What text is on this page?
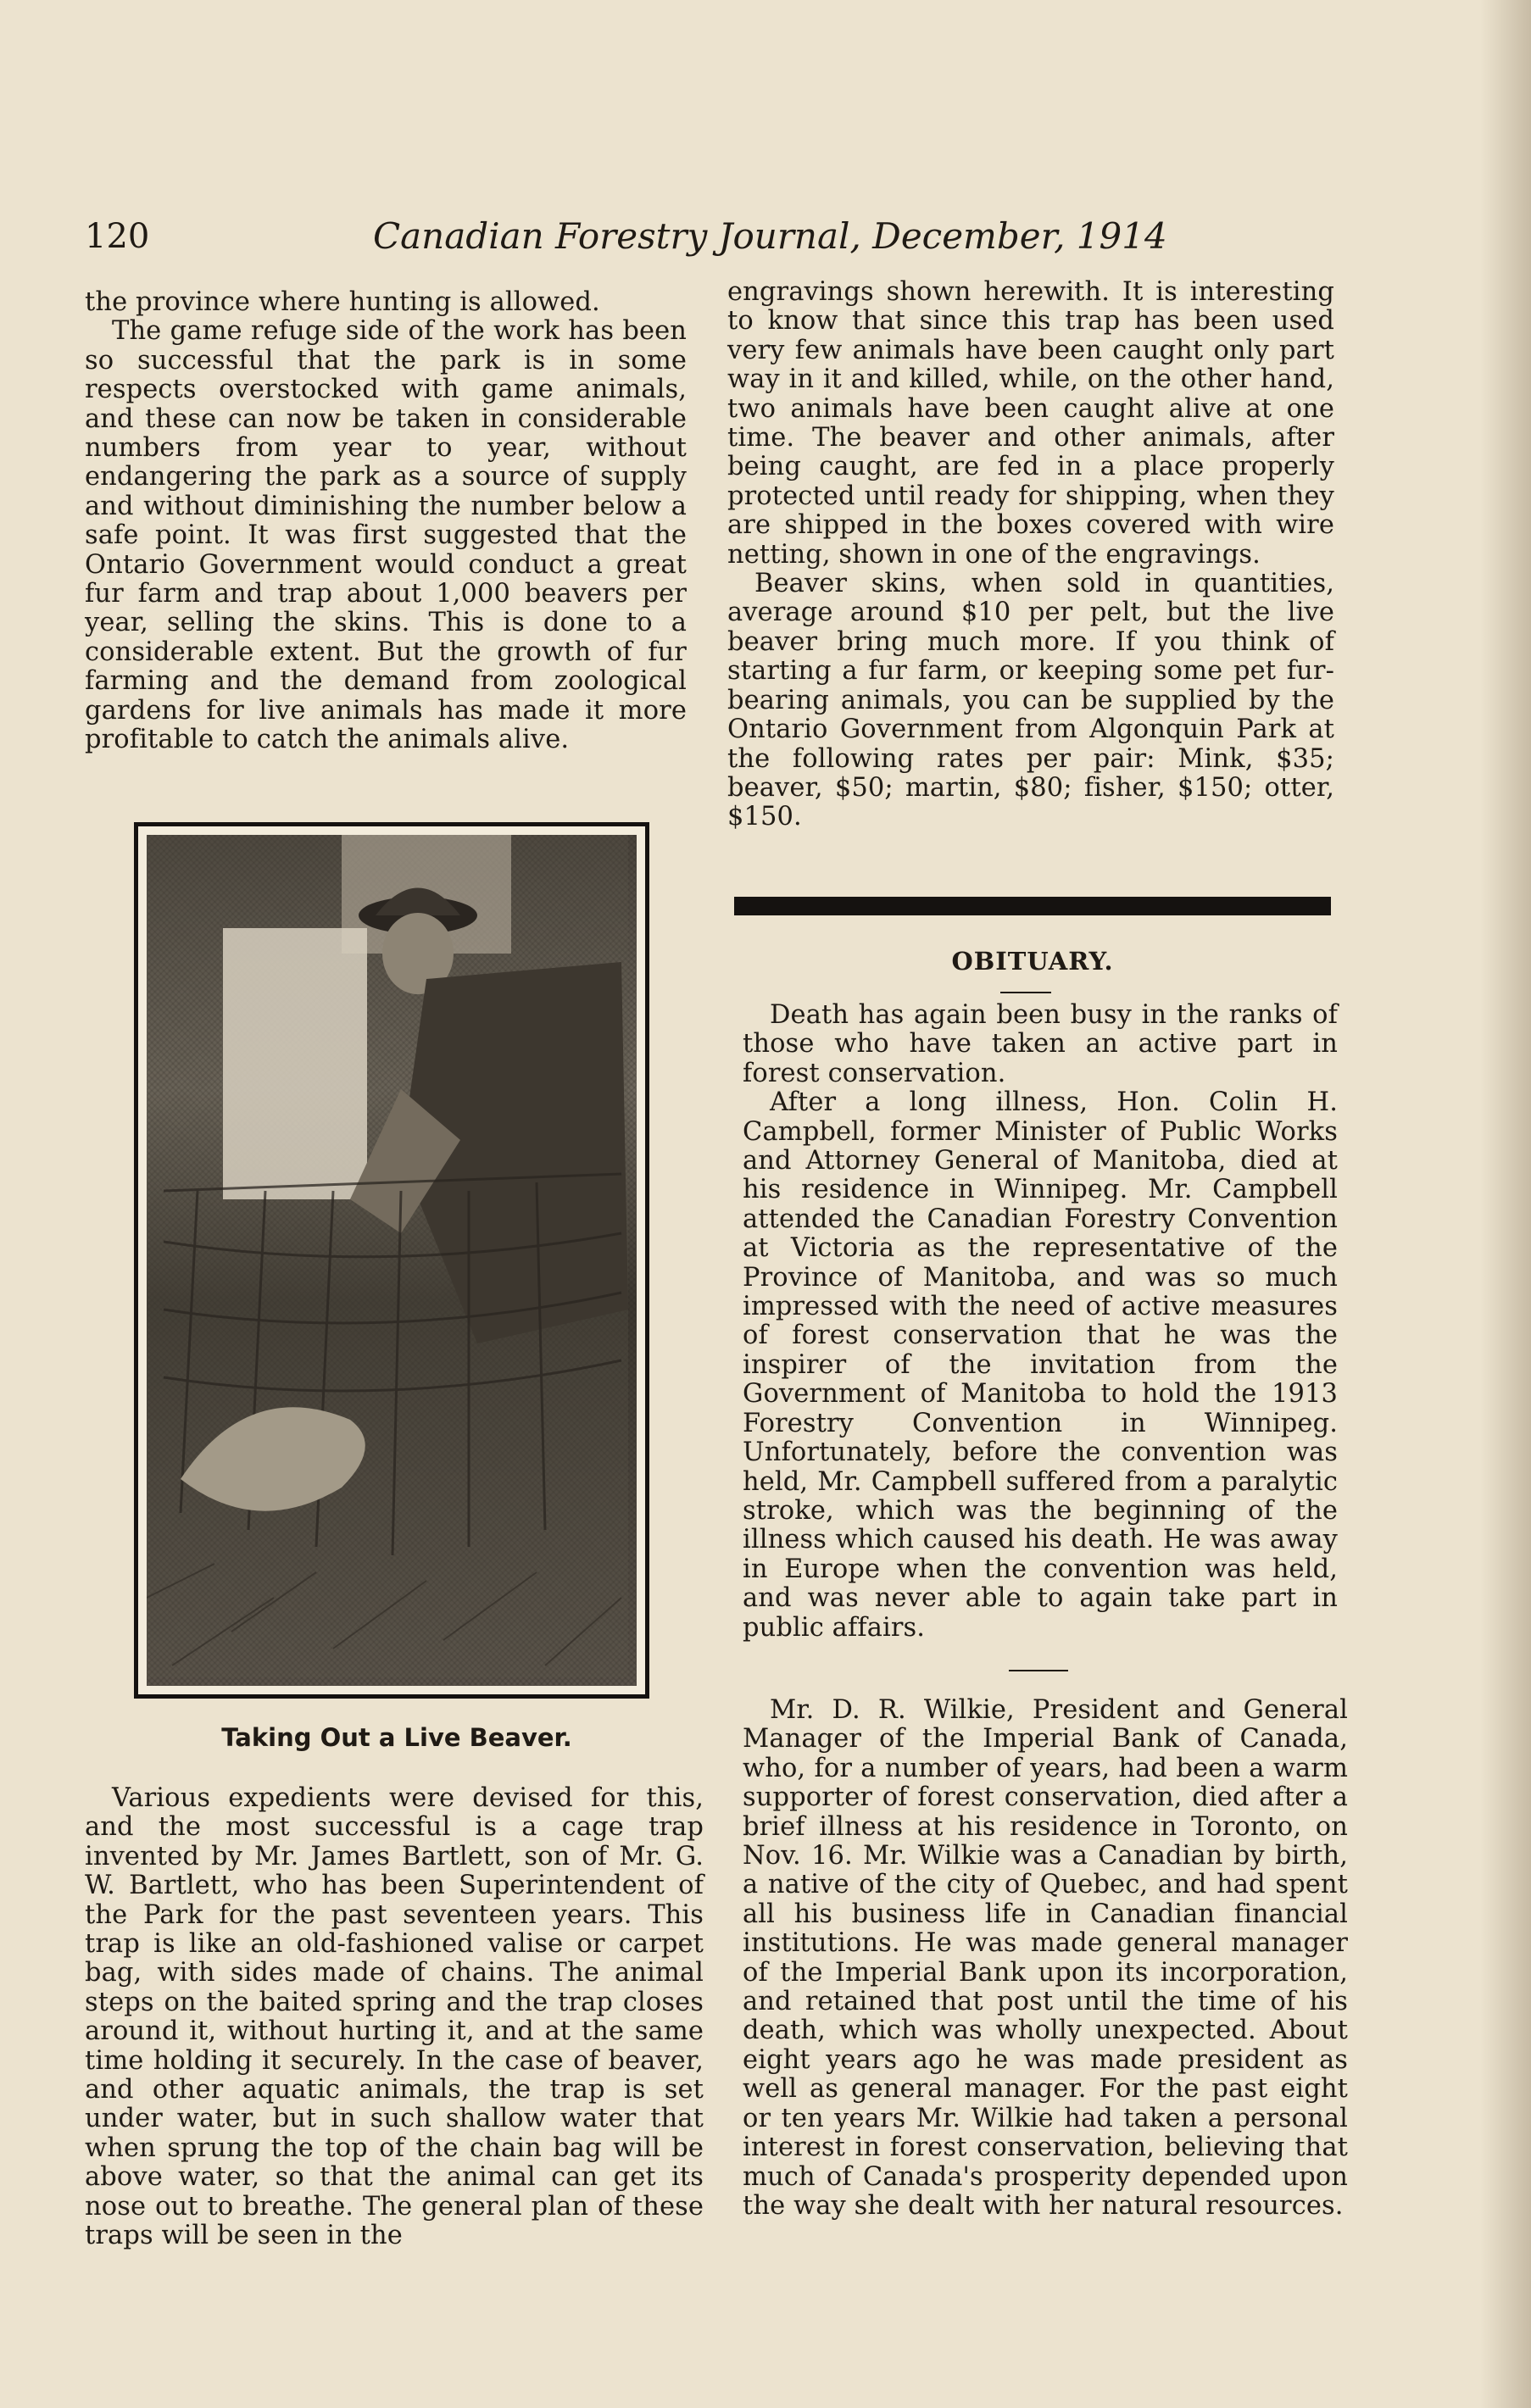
120	Canadian Forestry Journal, December, 1914

the province where hunting is allowed.

The game refuge side of the work has been so successful that the park is in some respects overstocked with game animals, and these can now be taken in considerable numbers from year to year, without endangering the park as a source of supply and without diminishing the number below a safe point. It was first suggested that the Ontario Government would conduct a great fur farm and trap about 1,000 beavers per year, selling the skins. This is done to a considerable extent. But the growth of fur farming and the demand from zoological gardens for live animals has made it more profitable to catch the animals alive.

Taking Out a Live Beaver.

Various expedients were devised for this, and the most successful is a cage trap invented by Mr. James Bartlett, son of Mr. G. W. Bartlett, who has been Superintendent of the Park for the past seventeen years. This trap is like an old-fashioned valise or carpet bag, with sides made of chains. The animal steps on the baited spring and the trap closes around it, without hurting it, and at the same time holding it securely. In the case of beaver, and other aquatic animals, the trap is set under water, but in such shallow water that when sprung the top of the chain bag will be above water, so that the animal can get its nose out to breathe. The general plan of these traps will be seen in the

engravings shown herewith. It is interesting to know that since this trap has been used very few animals have been caught only part way in it and killed, while, on the other hand, two animals have been caught alive at one time. The beaver and other animals, after being caught, are fed in a place properly protected until ready for shipping, when they are shipped in the boxes covered with wire netting, shown in one of the engravings.

Beaver skins, when sold in quantities, average around $10 per pelt, but the live beaver bring much more. If you think of starting a fur farm, or keeping some pet fur-bearing animals, you can be supplied by the Ontario Government from Algonquin Park at the following rates per pair: Mink, $35; beaver, $50; martin, $80; fisher, $150; otter, $150.

OBITUARY.

Death has again been busy in the ranks of those who have taken an active part in forest conservation.

After a long illness, Hon. Colin H. Campbell, former Minister of Public Works and Attorney General of Manitoba, died at his residence in Winnipeg. Mr. Campbell attended the Canadian Forestry Convention at Victoria as the representative of the Province of Manitoba, and was so much impressed with the need of active measures of forest conservation that he was the inspirer of the invitation from the Government of Manitoba to hold the 1913 Forestry Convention in Winnipeg. Unfortunately, before the convention was held, Mr. Campbell suffered from a paralytic stroke, which was the beginning of the illness which caused his death. He was away in Europe when the convention was held, and was never able to again take part in public affairs.

Mr. D. R. Wilkie, President and General Manager of the Imperial Bank of Canada, who, for a number of years, had been a warm supporter of forest conservation, died after a brief illness at his residence in Toronto, on Nov. 16. Mr. Wilkie was a Canadian by birth, a native of the city of Quebec, and had spent all his business life in Canadian financial institutions. He was made general manager of the Imperial Bank upon its incorporation, and retained that post until the time of his death, which was wholly unexpected. About eight years ago he was made president as well as general manager. For the past eight or ten years Mr. Wilkie had taken a personal interest in forest conservation, believing that much of Canada's prosperity depended upon the way she dealt with her natural resources.
